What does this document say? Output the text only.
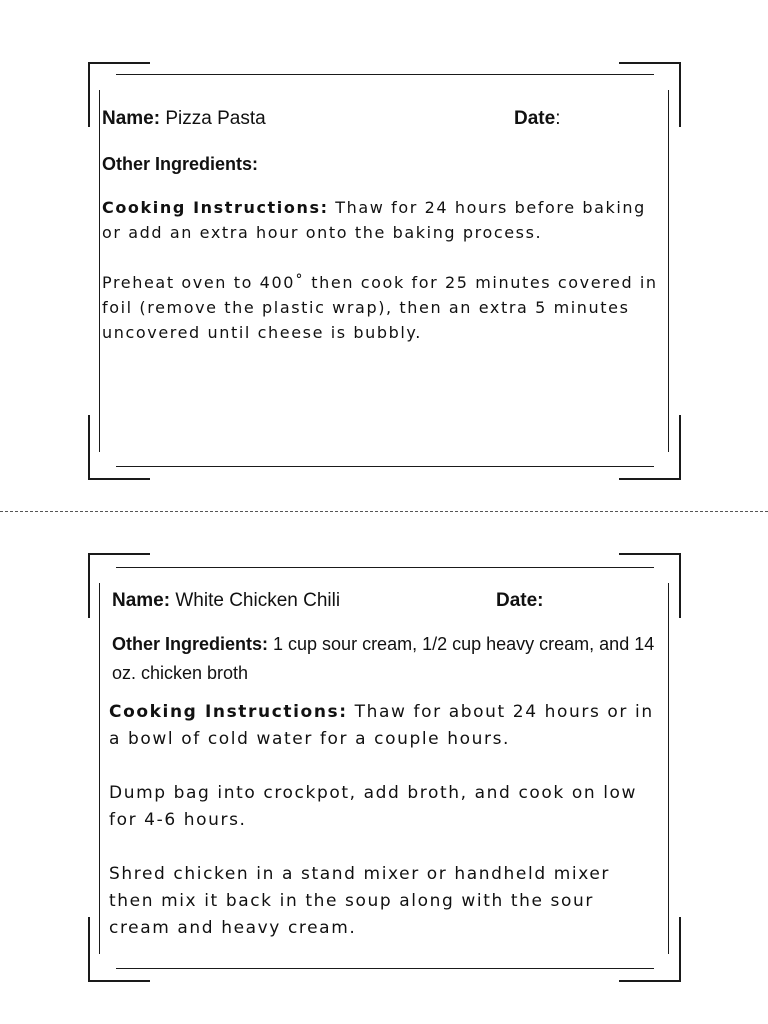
Name: Pizza Pasta	Date:
Other Ingredients:
Cooking Instructions: Thaw for 24 hours before baking or add an extra hour onto the baking process.
Preheat oven to 400˚ then cook for 25 minutes covered in foil (remove the plastic wrap), then an extra 5 minutes uncovered until cheese is bubbly.
Name: White Chicken Chili	Date:
Other Ingredients: 1 cup sour cream, 1/2 cup heavy cream, and 14 oz. chicken broth
Cooking Instructions: Thaw for about 24 hours or in a bowl of cold water for a couple hours.
Dump bag into crockpot, add broth, and cook on low for 4-6 hours.
Shred chicken in a stand mixer or handheld mixer then mix it back in the soup along with the sour cream and heavy cream.
